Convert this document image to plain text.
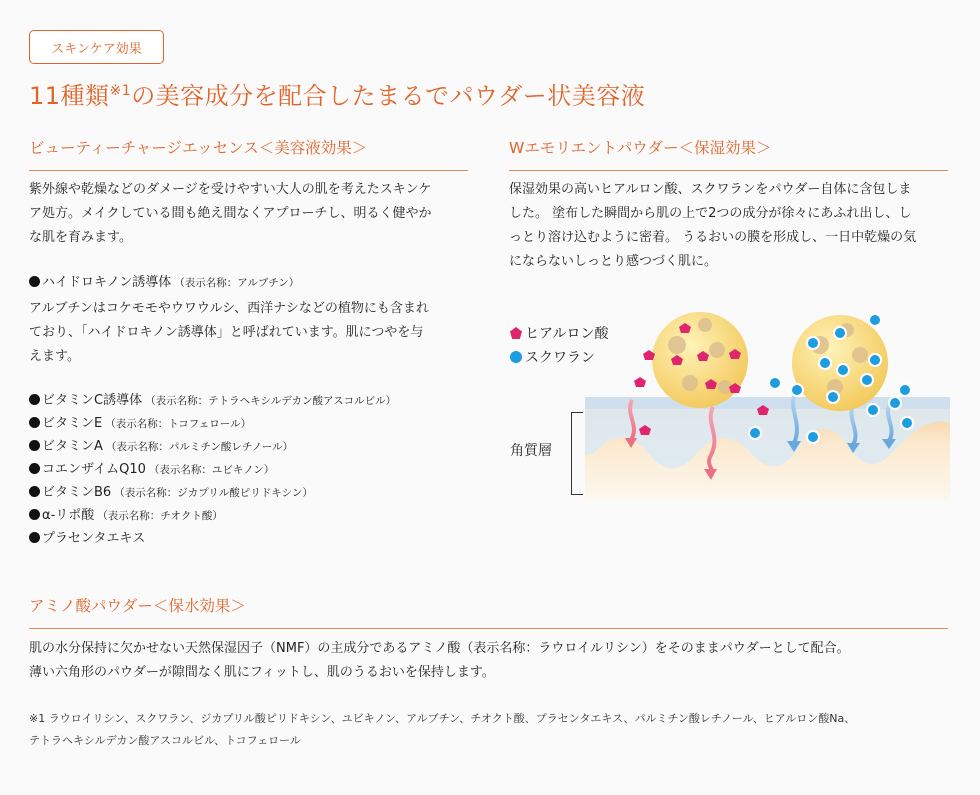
スキンケア効果
11種類$^{※1}$の美容成分を配合したまるでパウダー状美容液
ビューティーチャージエッセンス＜美容液効果＞

紫外線や乾燥などのダメージを受けやすい大人の肌を考えたスキンケ
ア処方。メイクしている間も絶え間なくアプローチし、明るく健やか
な肌を育みます。

ハイドロキノン誘導体 （表示名称：アルブチン）

アルブチンはコケモモやウワウルシ、西洋ナシなどの植物にも含まれ
ており、「ハイドロキノン誘導体」と呼ばれています。肌につやを与
えます。

ビタミンC誘導体 （表示名称：テトラヘキシルデカン酸アスコルビル）
ビタミンE （表示名称：トコフェロール）
ビタミンA （表示名称：パルミチン酸レチノール）
コエンザイムQ10 （表示名称：ユビキノン）
ビタミンB6 （表示名称：ジカプリル酸ピリドキシン）
α-リポ酸 （表示名称：チオクト酸）
プラセンタエキス
Wエモリエントパウダー＜保湿効果＞

保湿効果の高いヒアルロン酸、スクワランをパウダー自体に含包しま
した。 塗布した瞬間から肌の上で2つの成分が徐々にあふれ出し、し
っとり溶け込むように密着。 うるおいの膜を形成し、一日中乾燥の気
にならないしっとり感つづく肌に。

ヒアルロン酸
スクワラン
角質層
アミノ酸パウダー＜保水効果＞

肌の水分保持に欠かせない天然保湿因子（NMF）の主成分であるアミノ酸（表示名称：ラウロイルリシン）をそのままパウダーとして配合。
薄い六角形のパウダーが隙間なく肌にフィットし、肌のうるおいを保持します。

※1 ラウロイリシン、スクワラン、ジカプリル酸ピリドキシン、ユビキノン、アルブチン、チオクト酸、プラセンタエキス、パルミチン酸レチノール、ヒアルロン酸Na、
テトラヘキシルデカン酸アスコルビル、トコフェロール
